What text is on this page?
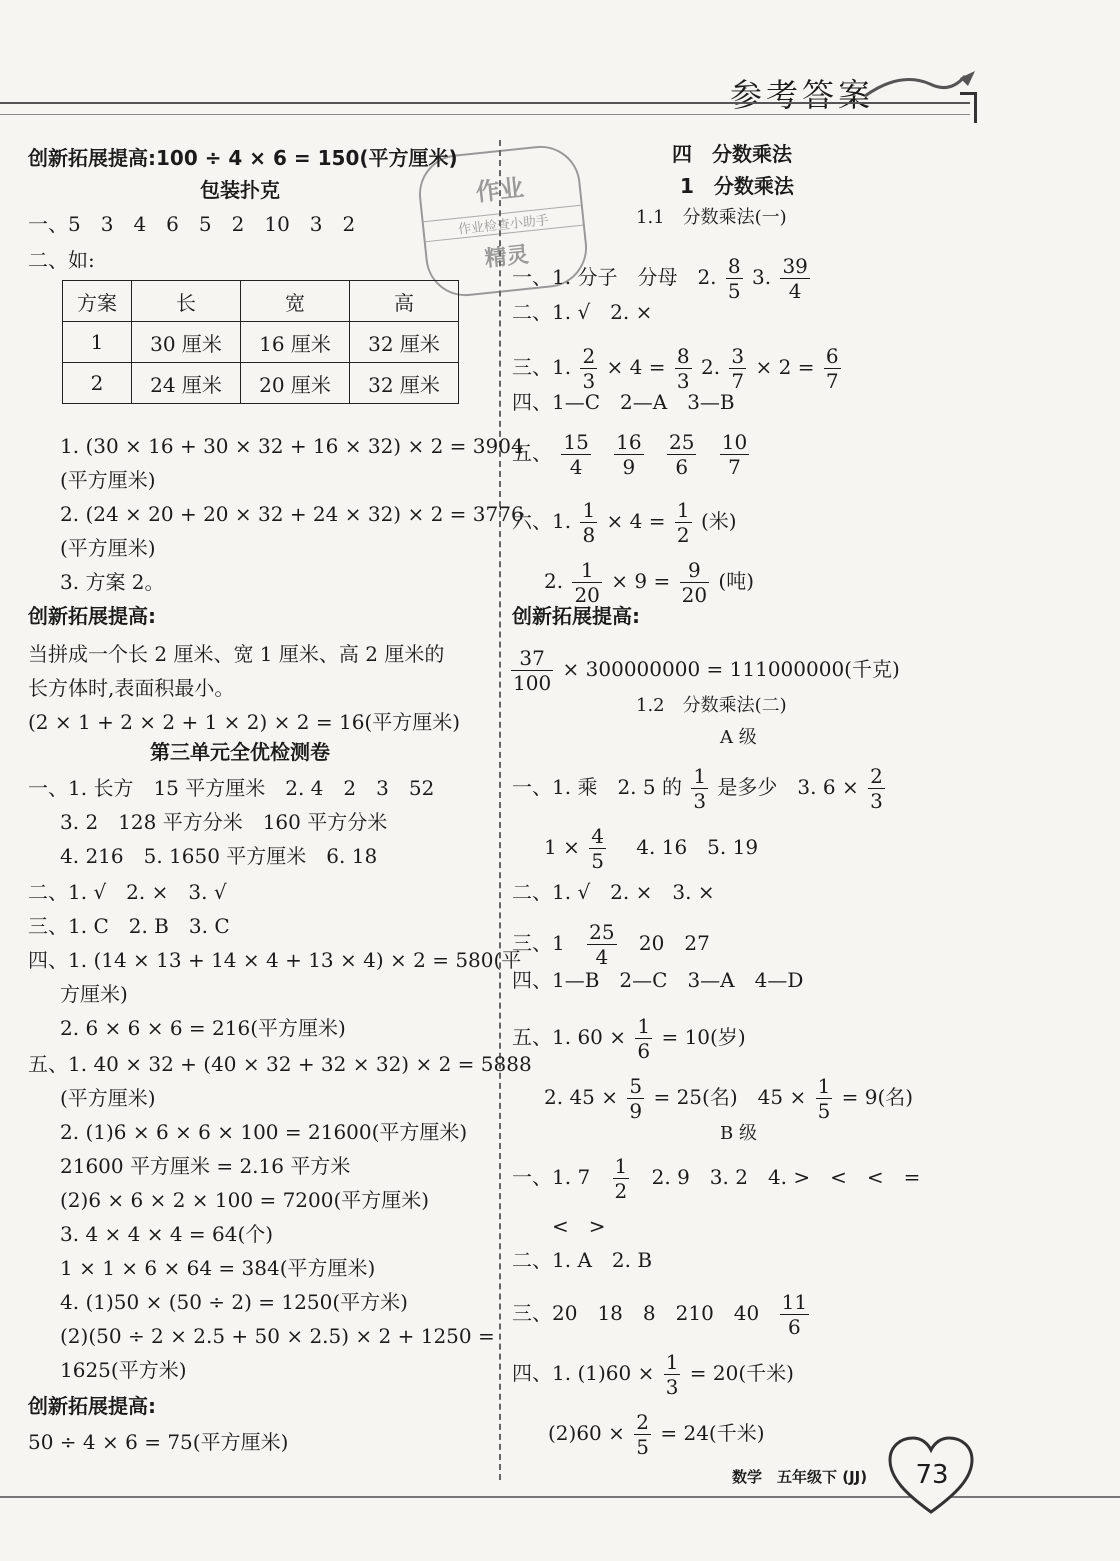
参考答案
作业
作业检查小助手
精灵
创新拓展提高:100 ÷ 4 × 6 = 150(平方厘米)
包装扑克
一、5　3　4　6　5　2　10　3　2
二、如:
方案	长	宽	高
1	30 厘米	16 厘米	32 厘米
2	24 厘米	20 厘米	32 厘米
1. (30 × 16 + 30 × 32 + 16 × 32) × 2 = 3904
(平方厘米)
2. (24 × 20 + 20 × 32 + 24 × 32) × 2 = 3776
(平方厘米)
3. 方案 2。
创新拓展提高:
当拼成一个长 2 厘米、宽 1 厘米、高 2 厘米的
长方体时,表面积最小。
(2 × 1 + 2 × 2 + 1 × 2) × 2 = 16(平方厘米)
第三单元全优检测卷
一、1. 长方　15 平方厘米　2. 4　2　3　52
3. 2　128 平方分米　160 平方分米
4. 216　5. 1650 平方厘米　6. 18
二、1. √　2. ×　3. √
三、1. C　2. B　3. C
四、1. (14 × 13 + 14 × 4 + 13 × 4) × 2 = 580(平
方厘米)
2. 6 × 6 × 6 = 216(平方厘米)
五、1. 40 × 32 + (40 × 32 + 32 × 32) × 2 = 5888
(平方厘米)
2. (1)6 × 6 × 6 × 100 = 21600(平方厘米)
21600 平方厘米 = 2.16 平方米
(2)6 × 6 × 2 × 100 = 7200(平方厘米)
3. 4 × 4 × 4 = 64(个)
1 × 1 × 6 × 64 = 384(平方厘米)
4. (1)50 × (50 ÷ 2) = 1250(平方米)
(2)(50 ÷ 2 × 2.5 + 50 × 2.5) × 2 + 1250 =
1625(平方米)
创新拓展提高:
50 ÷ 4 × 6 = 75(平方厘米)
四　分数乘法
1　分数乘法
1.1　分数乘法(一)
一、1. 分子　分母　2. $\frac{8}{5} 3$. $\frac{39}{4}$
二、1. √　2. ×
三、1. $\frac{2}{3} \times 4 = \frac{8}{3} 2$. $\frac{3}{7} \times 2 = \frac{6}{7}$
四、1—C　2—A　3—B
五、 $\frac{15}{4}$
$\frac{16}{9}$
$\frac{25}{6}$
$\frac{10}{7}$
六、1. $\frac{1}{8} \times 4 = \frac{1}{2}$ (米)
2. $\frac{1}{20} \times 9 = \frac{9}{20}$ (吨)
创新拓展提高:
$\frac{37}{100} \times 300000000 = 111000000$(千克)
1.2　分数乘法(二)
A 级
一、1. 乘　2. 5 的 $\frac{1}{3}$ 是多少　3. $6 \times \frac{2}{3}$
$1 \times \frac{4}{5} 4$. 16　5. 19
二、1. √　2. ×　3. ×
三、$1 \frac{25}{4} 20$　27
四、1—B　2—C　3—A　4—D
五、1. $60 \times \frac{1}{6} = 10$(岁)
2. $45 \times \frac{5}{9} = 25$(名)　$45 \times \frac{1}{5} = 9$(名)
B 级
一、1. $7 \frac{1}{2} 2$. 9　3. 2　4. >　<　<　=
<　>
二、1. A　2. B
三、20　18　8　210　$40 \frac{11}{6}$
四、1. $(1)60 \times \frac{1}{3} = 20$(千米)
$(2)60 \times \frac{2}{5} = 24$(千米)
数学　五年级下 (JJ) 73
